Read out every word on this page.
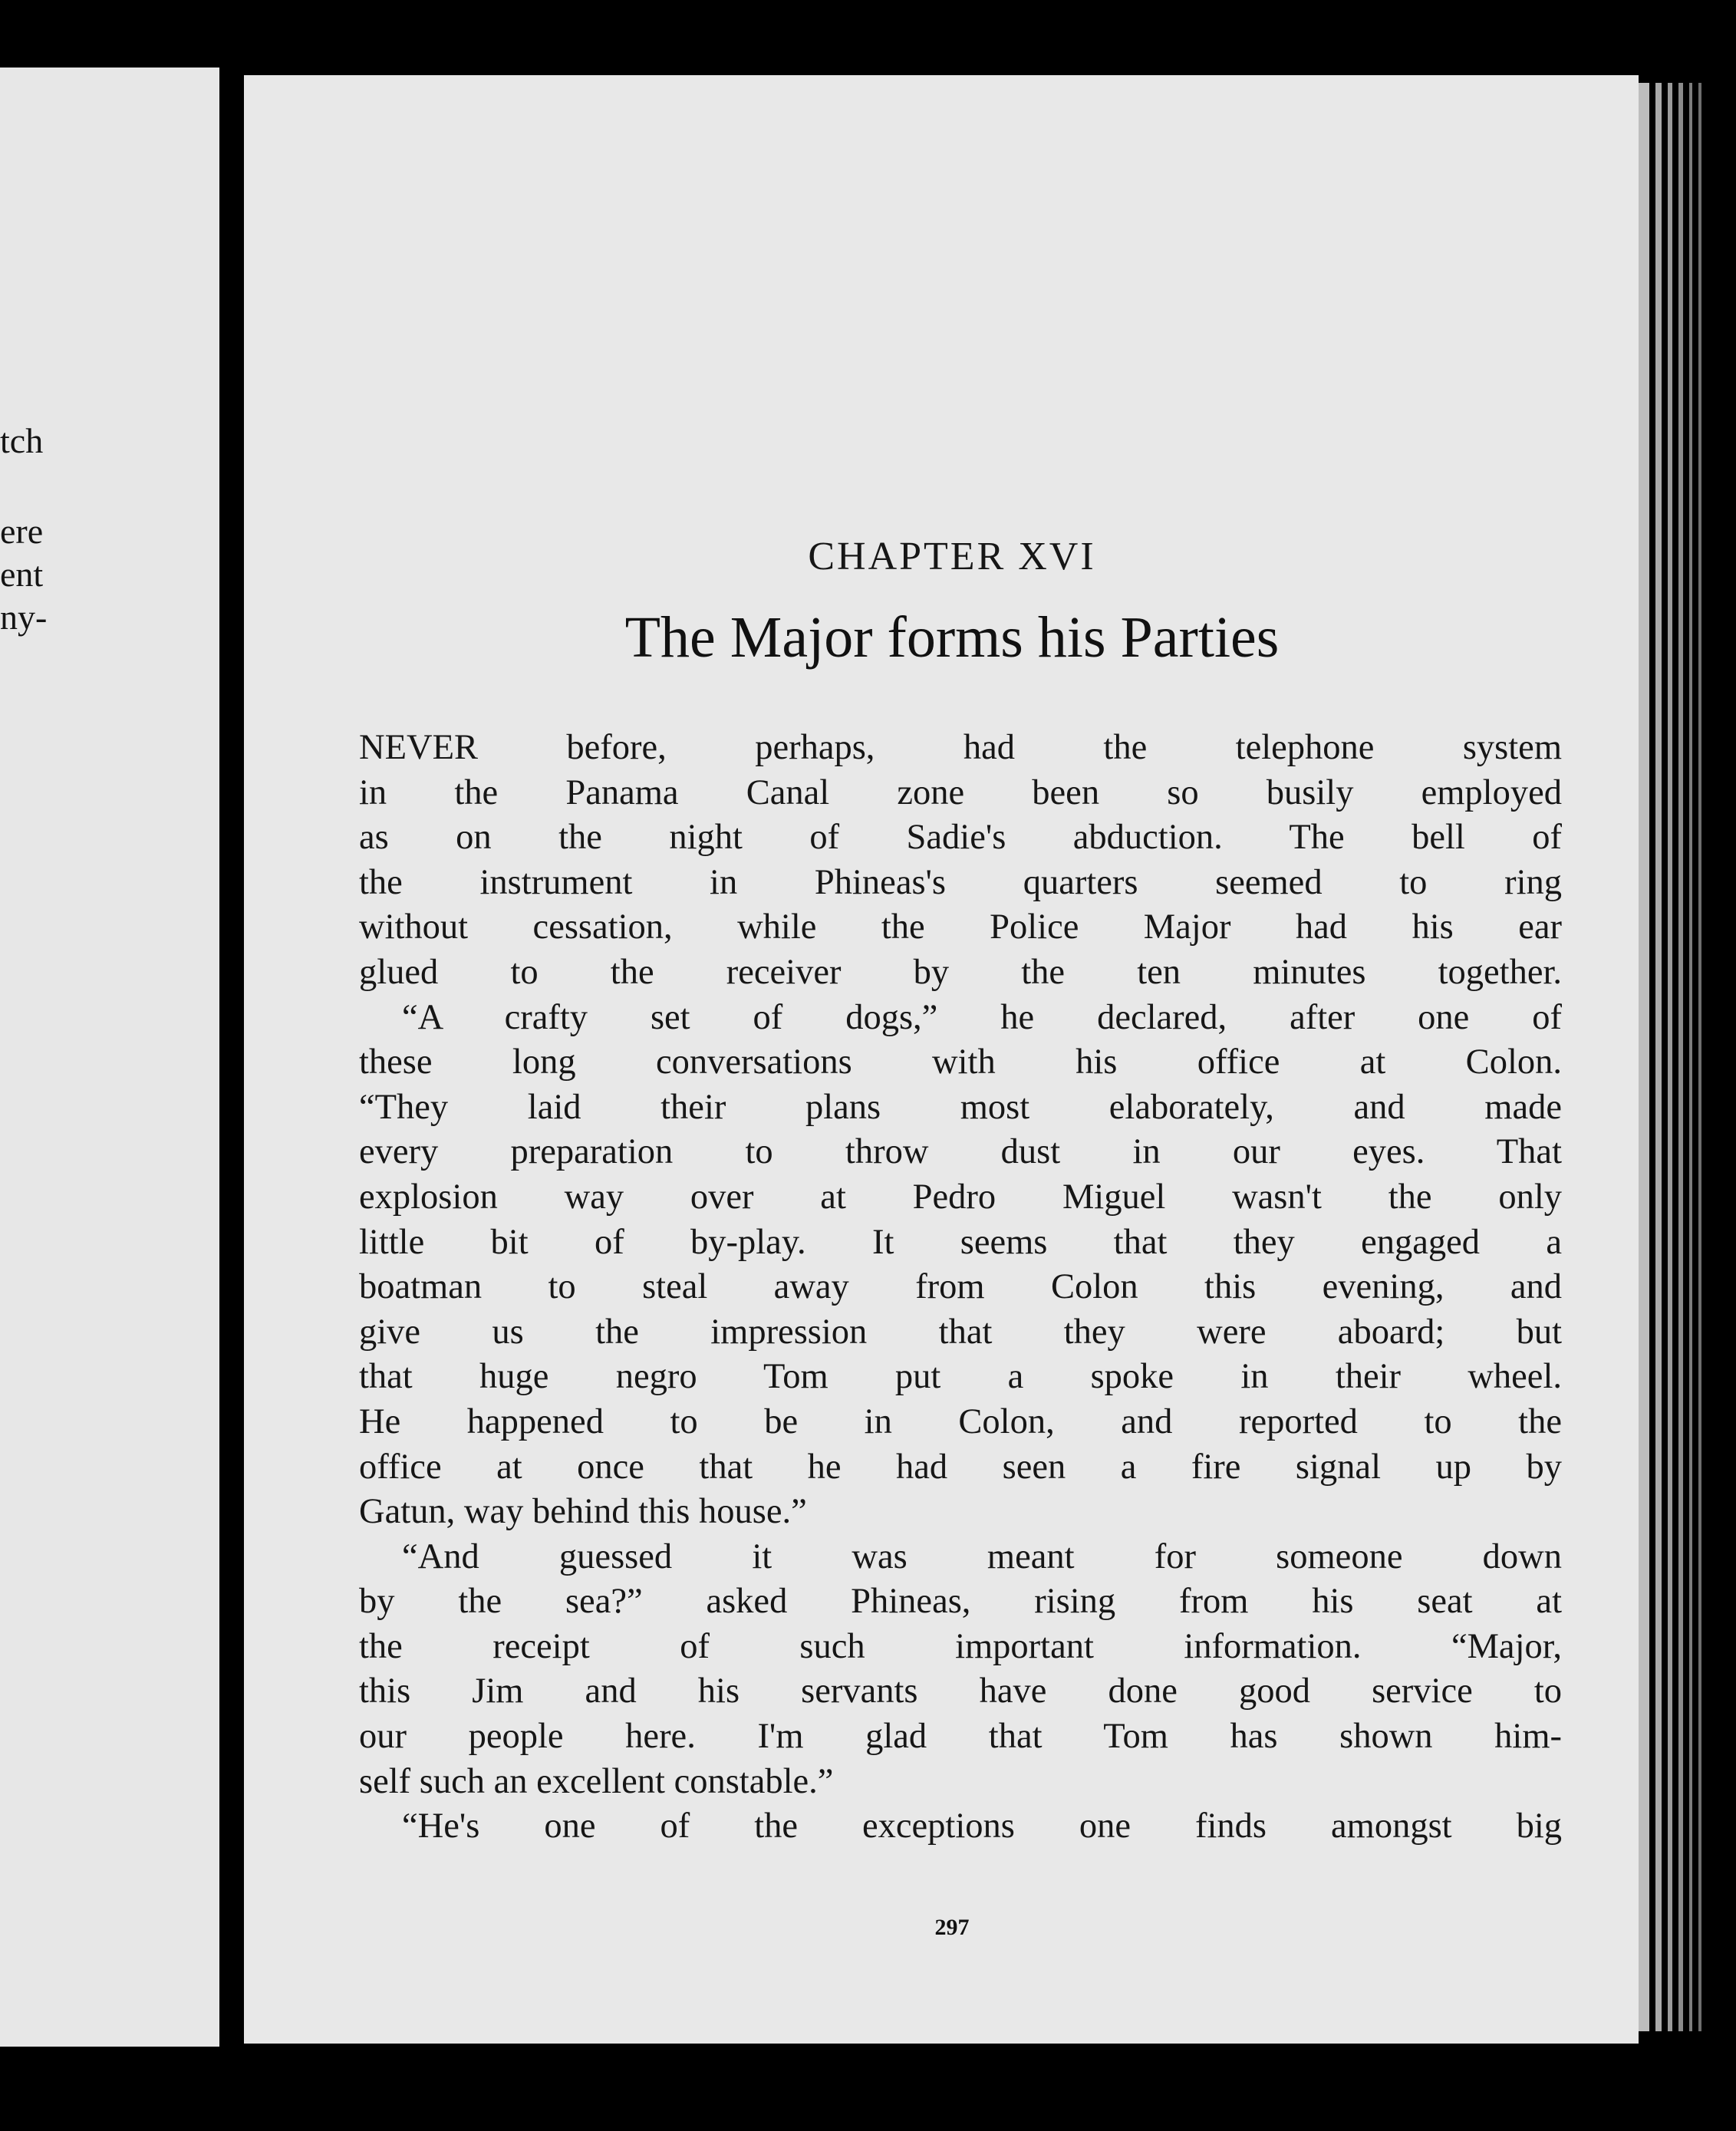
tch
ere
ent
ny-
CHAPTER XVI
The Major forms his Parties
NEVER before, perhaps, had the telephone system
in the Panama Canal zone been so busily employed
as on the night of Sadie's abduction. The bell of
the instrument in Phineas's quarters seemed to ring
without cessation, while the Police Major had his ear
glued to the receiver by the ten minutes together.
“A crafty set of dogs,” he declared, after one of
these long conversations with his office at Colon.
“They laid their plans most elaborately, and made
every preparation to throw dust in our eyes. That
explosion way over at Pedro Miguel wasn't the only
little bit of by-play. It seems that they engaged a
boatman to steal away from Colon this evening, and
give us the impression that they were aboard; but
that huge negro Tom put a spoke in their wheel.
He happened to be in Colon, and reported to the
office at once that he had seen a fire signal up by
Gatun, way behind this house.”
“And guessed it was meant for someone down
by the sea?” asked Phineas, rising from his seat at
the receipt of such important information. “Major,
this Jim and his servants have done good service to
our people here. I'm glad that Tom has shown him-
self such an excellent constable.”
“He's one of the exceptions one finds amongst big
297
